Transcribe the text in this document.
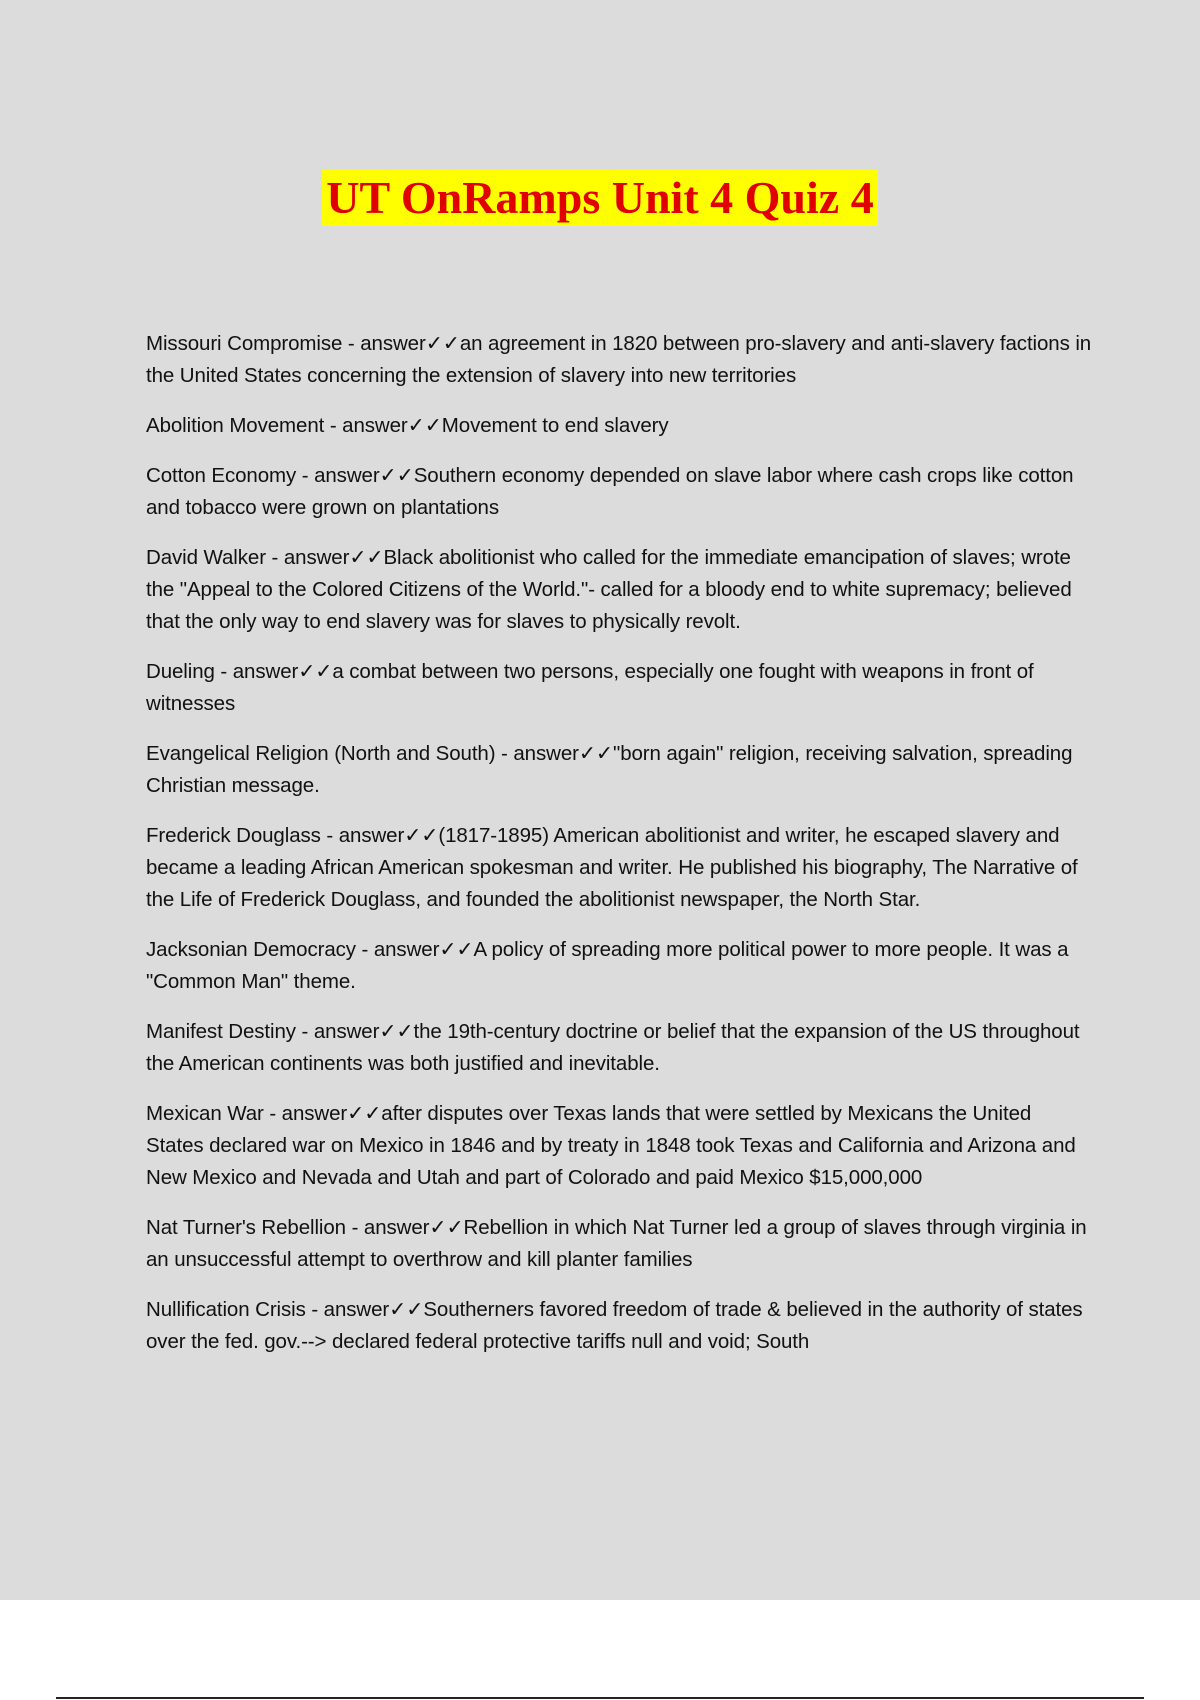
UT OnRamps Unit 4 Quiz 4

Missouri Compromise - answer✓✓an agreement in 1820 between pro-slavery and anti-slavery factions in the United States concerning the extension of slavery into new territories

Abolition Movement - answer✓✓Movement to end slavery

Cotton Economy - answer✓✓Southern economy depended on slave labor where cash crops like cotton and tobacco were grown on plantations

David Walker - answer✓✓Black abolitionist who called for the immediate emancipation of slaves; wrote the "Appeal to the Colored Citizens of the World."- called for a bloody end to white supremacy; believed that the only way to end slavery was for slaves to physically revolt.

Dueling - answer✓✓a combat between two persons, especially one fought with weapons in front of witnesses

Evangelical Religion (North and South) - answer✓✓"born again" religion, receiving salvation, spreading Christian message.

Frederick Douglass - answer✓✓(1817-1895) American abolitionist and writer, he escaped slavery and became a leading African American spokesman and writer. He published his biography, The Narrative of the Life of Frederick Douglass, and founded the abolitionist newspaper, the North Star.

Jacksonian Democracy - answer✓✓A policy of spreading more political power to more people. It was a "Common Man" theme.

Manifest Destiny - answer✓✓the 19th-century doctrine or belief that the expansion of the US throughout the American continents was both justified and inevitable.

Mexican War - answer✓✓after disputes over Texas lands that were settled by Mexicans the United States declared war on Mexico in 1846 and by treaty in 1848 took Texas and California and Arizona and New Mexico and Nevada and Utah and part of Colorado and paid Mexico $15,000,000

Nat Turner's Rebellion - answer✓✓Rebellion in which Nat Turner led a group of slaves through virginia in an unsuccessful attempt to overthrow and kill planter families

Nullification Crisis - answer✓✓Southerners favored freedom of trade & believed in the authority of states over the fed. gov.--> declared federal protective tariffs null and void; South
